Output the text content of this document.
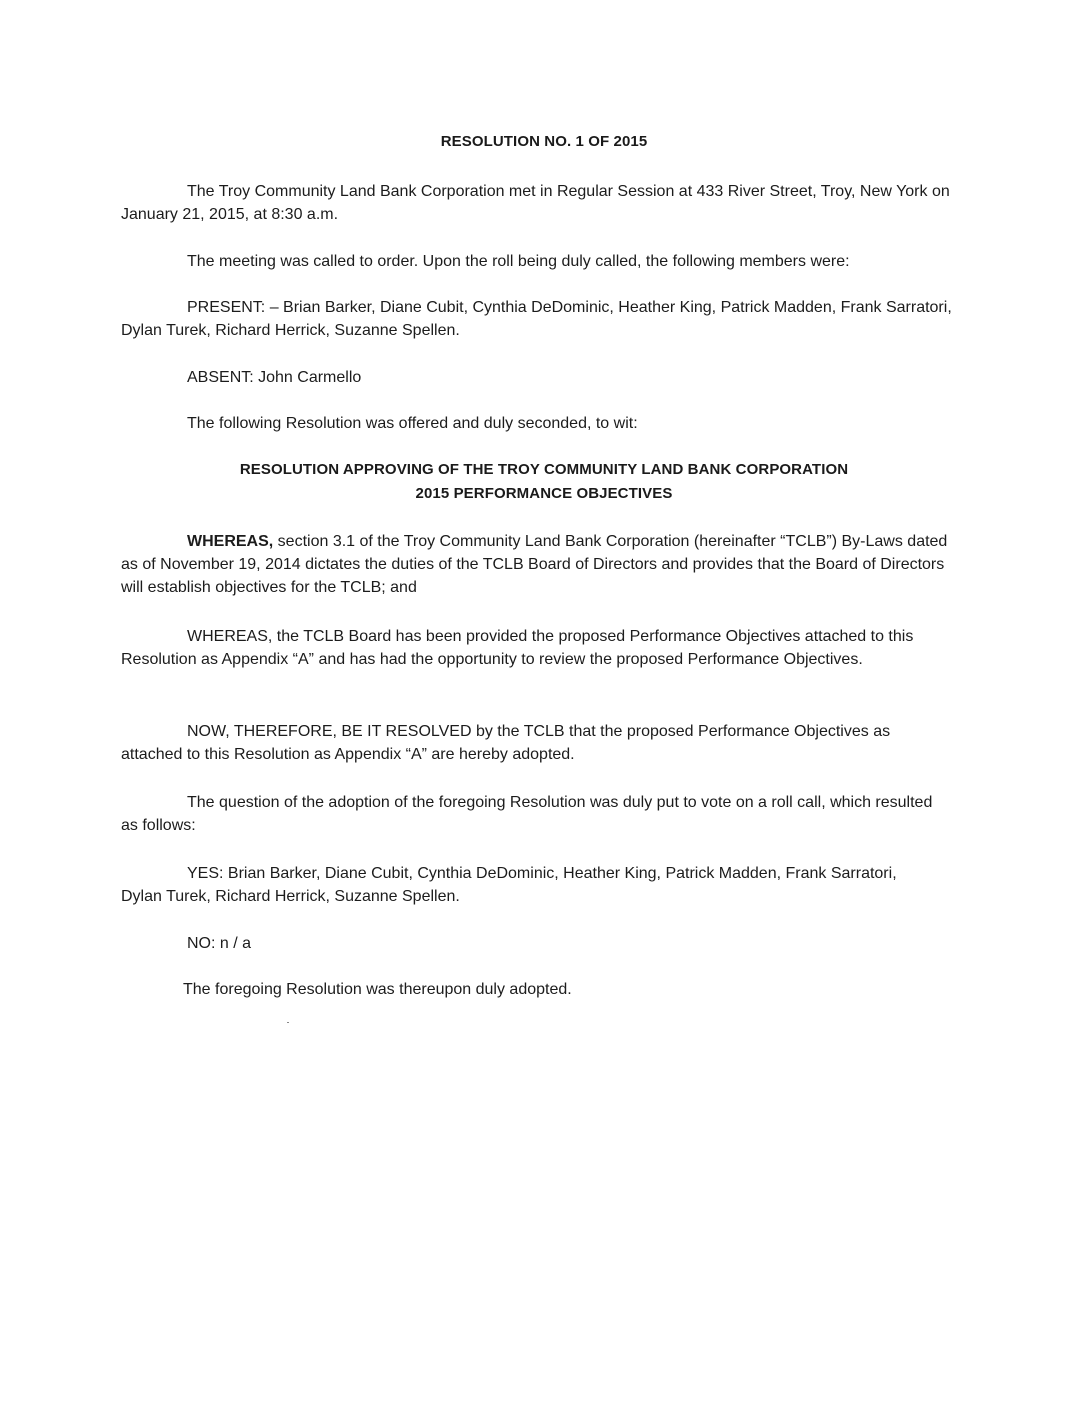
RESOLUTION NO. 1 OF 2015
The Troy Community Land Bank Corporation met in Regular Session at 433 River Street, Troy, New York on January 21, 2015, at 8:30 a.m.
The meeting was called to order. Upon the roll being duly called, the following members were:
PRESENT: – Brian Barker, Diane Cubit, Cynthia DeDominic, Heather King, Patrick Madden, Frank Sarratori, Dylan Turek, Richard Herrick, Suzanne Spellen.
ABSENT: John Carmello
The following Resolution was offered and duly seconded, to wit:
RESOLUTION APPROVING OF THE TROY COMMUNITY LAND BANK CORPORATION
2015 PERFORMANCE OBJECTIVES
WHEREAS, section 3.1 of the Troy Community Land Bank Corporation (hereinafter “TCLB”) By-Laws dated as of November 19, 2014 dictates the duties of the TCLB Board of Directors and provides that the Board of Directors will establish objectives for the TCLB; and
WHEREAS, the TCLB Board has been provided the proposed Performance Objectives attached to this Resolution as Appendix “A” and has had the opportunity to review the proposed Performance Objectives.
NOW, THEREFORE, BE IT RESOLVED by the TCLB that the proposed Performance Objectives as attached to this Resolution as Appendix “A” are hereby adopted.
The question of the adoption of the foregoing Resolution was duly put to vote on a roll call, which resulted as follows:
YES: Brian Barker, Diane Cubit, Cynthia DeDominic, Heather King, Patrick Madden, Frank Sarratori, Dylan Turek, Richard Herrick, Suzanne Spellen.
NO: n / a
The foregoing Resolution was thereupon duly adopted.
